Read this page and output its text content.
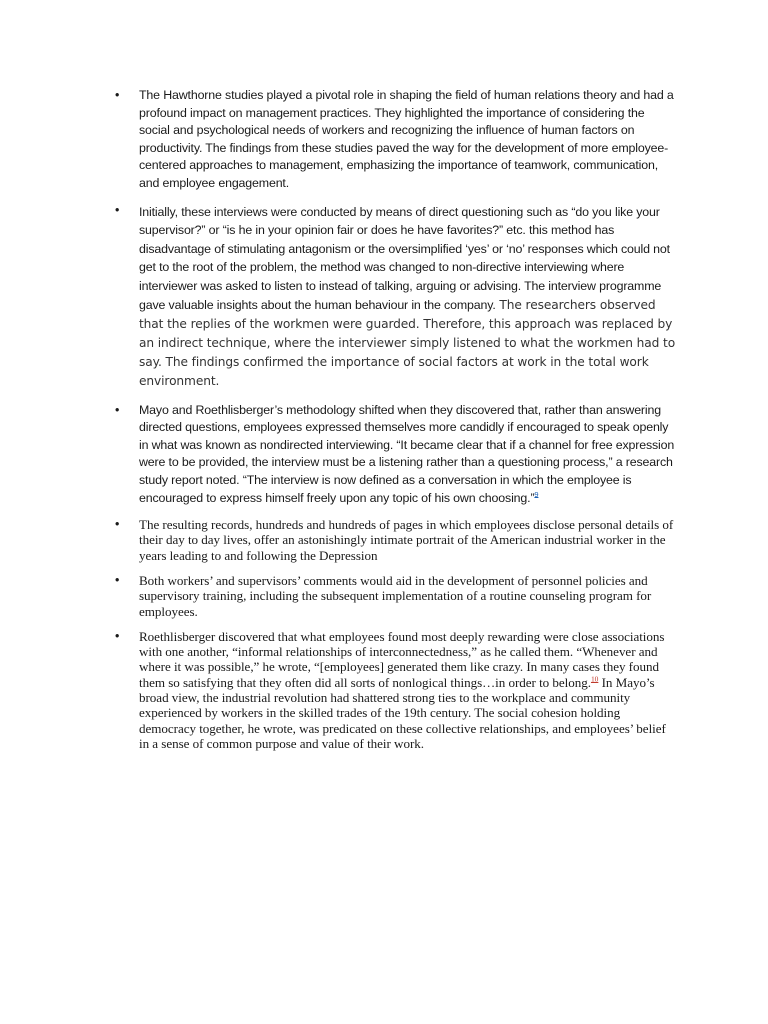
• The Hawthorne studies played a pivotal role in shaping the field of human relations theory and had a profound impact on management practices. They highlighted the importance of considering the social and psychological needs of workers and recognizing the influence of human factors on productivity. The findings from these studies paved the way for the development of more employee-centered approaches to management, emphasizing the importance of teamwork, communication, and employee engagement.
• Initially, these interviews were conducted by means of direct questioning such as “do you like your supervisor?” or “is he in your opinion fair or does he have favorites?” etc. this method has disadvantage of stimulating antagonism or the oversimplified ‘yes’ or ‘no’ responses which could not get to the root of the problem, the method was changed to non-directive interviewing where interviewer was asked to listen to instead of talking, arguing or advising. The interview programme gave valuable insights about the human behaviour in the company. The researchers observed that the replies of the workmen were guarded. Therefore, this approach was replaced by an indirect technique, where the interviewer simply listened to what the workmen had to say. The findings confirmed the importance of social factors at work in the total work environment.
• Mayo and Roethlisberger’s methodology shifted when they discovered that, rather than answering directed questions, employees expressed themselves more candidly if encouraged to speak openly in what was known as nondirected interviewing. “It became clear that if a channel for free expression were to be provided, the interview must be a listening rather than a questioning process,” a research study report noted. “The interview is now defined as a conversation in which the employee is encouraged to express himself freely upon any topic of his own choosing.”$^9$
• The resulting records, hundreds and hundreds of pages in which employees disclose personal details of their day to day lives, offer an astonishingly intimate portrait of the American industrial worker in the years leading to and following the Depression
• Both workers’ and supervisors’ comments would aid in the development of personnel policies and supervisory training, including the subsequent implementation of a routine counseling program for employees.
• Roethlisberger discovered that what employees found most deeply rewarding were close associations with one another, “informal relationships of interconnectedness,” as he called them. “Whenever and where it was possible,” he wrote, “[employees] generated them like crazy. In many cases they found them so satisfying that they often did all sorts of nonlogical things…in order to belong.$^{10}$ In Mayo’s broad view, the industrial revolution had shattered strong ties to the workplace and community experienced by workers in the skilled trades of the 19th century. The social cohesion holding democracy together, he wrote, was predicated on these collective relationships, and employees’ belief in a sense of common purpose and value of their work.
